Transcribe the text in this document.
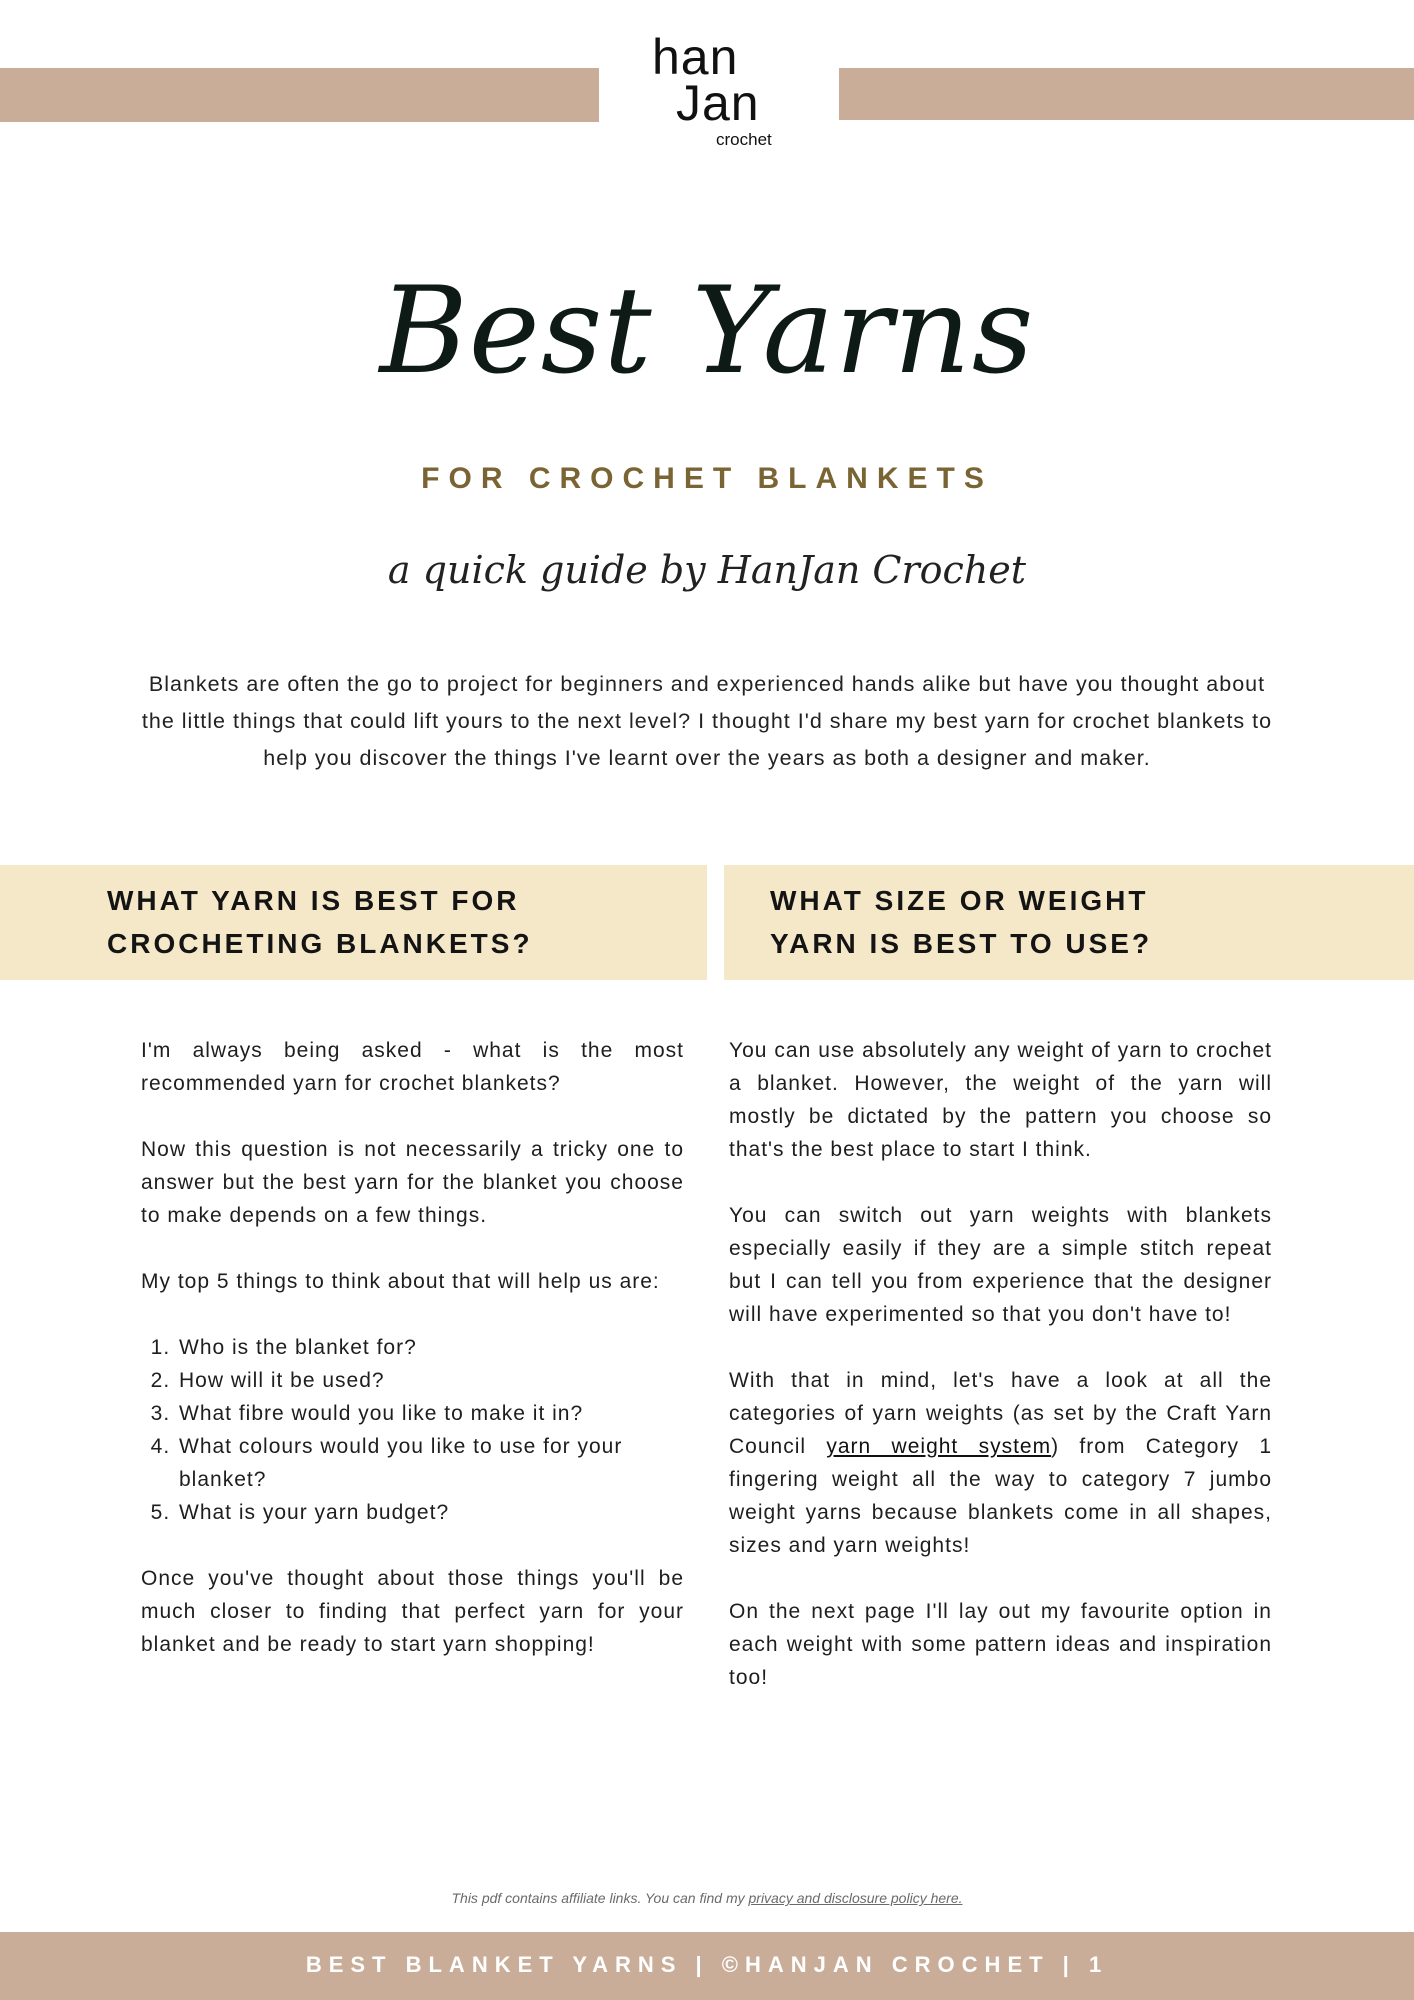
han
Jan
crochet
Best Yarns
FOR CROCHET BLANKETS
a quick guide by HanJan Crochet
Blankets are often the go to project for beginners and experienced hands alike but have you thought about the little things that could lift yours to the next level? I thought I'd share my best yarn for crochet blankets to help you discover the things I've learnt over the years as both a designer and maker.
WHAT YARN IS BEST FOR
CROCHETING BLANKETS?
WHAT SIZE OR WEIGHT
YARN IS BEST TO USE?

I'm always being asked - what is the most recommended yarn for crochet blankets?

Now this question is not necessarily a tricky one to answer but the best yarn for the blanket you choose to make depends on a few things.

My top 5 things to think about that will help us are:

1. Who is the blanket for?
2. How will it be used?
3. What fibre would you like to make it in?
4. What colours would you like to use for your blanket?
5. What is your yarn budget?

Once you've thought about those things you'll be much closer to finding that perfect yarn for your blanket and be ready to start yarn shopping!

You can use absolutely any weight of yarn to crochet a blanket. However, the weight of the yarn will mostly be dictated by the pattern you choose so that's the best place to start I think.

You can switch out yarn weights with blankets especially easily if they are a simple stitch repeat but I can tell you from experience that the designer will have experimented so that you don't have to!

With that in mind, let's have a look at all the categories of yarn weights (as set by the Craft Yarn Council yarn weight system) from Category 1 fingering weight all the way to category 7 jumbo weight yarns because blankets come in all shapes, sizes and yarn weights!

On the next page I'll lay out my favourite option in each weight with some pattern ideas and inspiration too!

This pdf contains affiliate links. You can find my privacy and disclosure policy here.
BEST BLANKET YARNS | ©HANJAN CROCHET | 1
